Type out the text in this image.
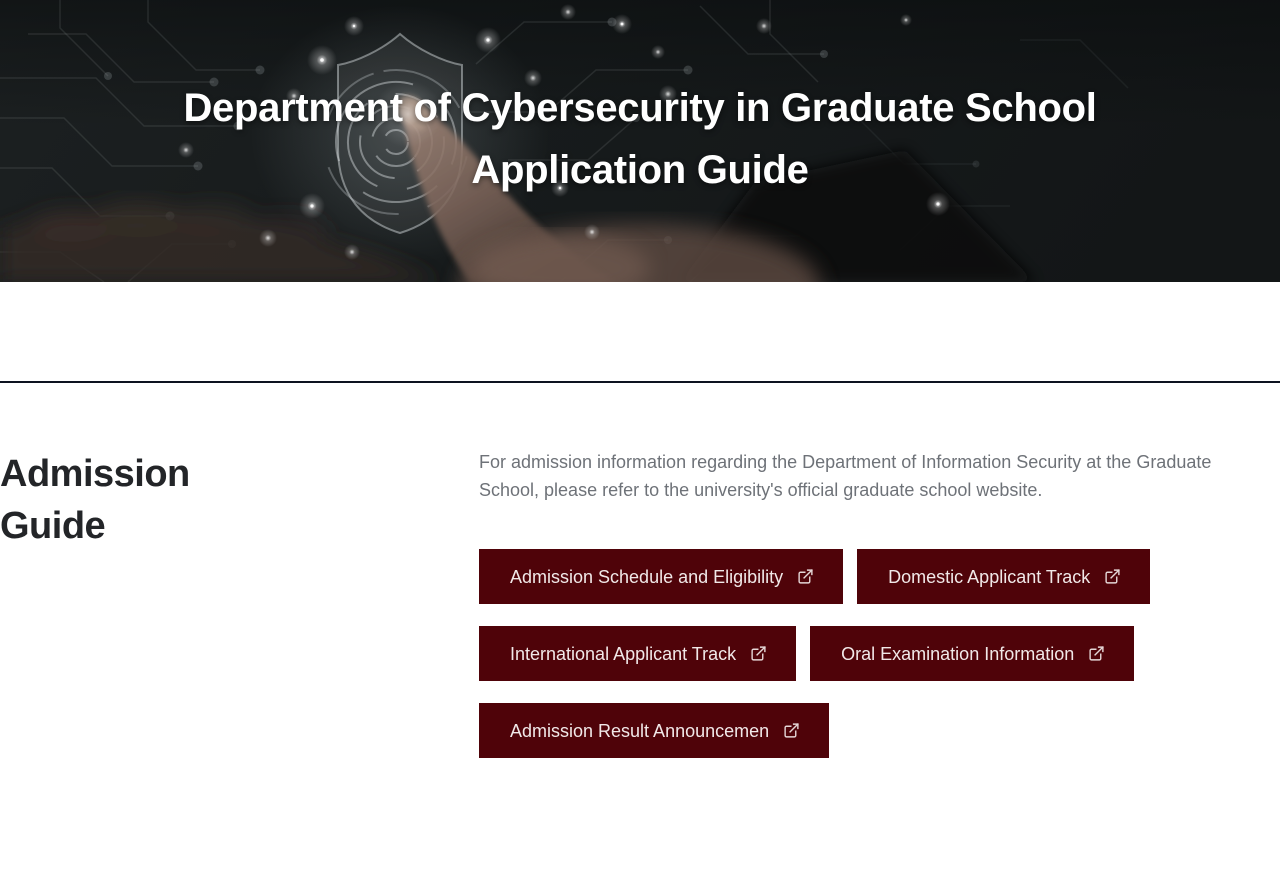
Department of Cybersecurity in Graduate School
Application Guide
Admission Guide

For admission information regarding the Department of Information Security at the Graduate School, please refer to the university's official graduate school website.

Admission Schedule and Eligibility	Domestic Applicant Track
International Applicant Track	Oral Examination Information
Admission Result Announcemen
